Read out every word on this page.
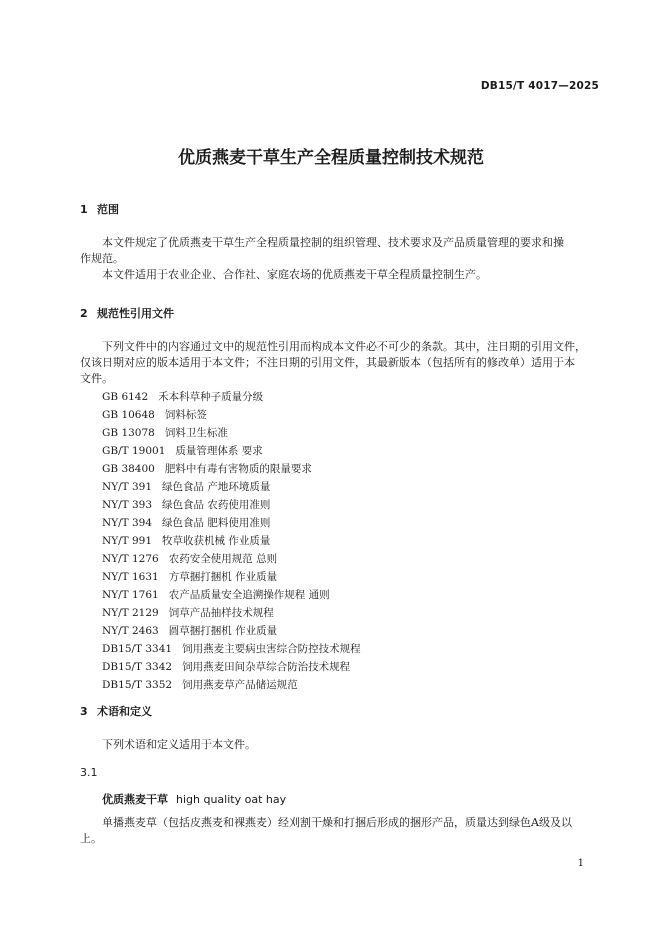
DB15/T 4017—2025
优质燕麦干草生产全程质量控制技术规范
1 范围
本文件规定了优质燕麦干草生产全程质量控制的组织管理、技术要求及产品质量管理的要求和操
作规范。
本文件适用于农业企业、合作社、家庭农场的优质燕麦干草全程质量控制生产。
2 规范性引用文件
下列文件中的内容通过文中的规范性引用而构成本文件必不可少的条款。其中，注日期的引用文件，
仅该日期对应的版本适用于本文件；不注日期的引用文件，其最新版本（包括所有的修改单）适用于本
文件。
GB 6142 禾本科草种子质量分级
GB 10648 饲料标签
GB 13078 饲料卫生标准
GB/T 19001 质量管理体系 要求
GB 38400 肥料中有毒有害物质的限量要求
NY/T 391 绿色食品 产地环境质量
NY/T 393 绿色食品 农药使用准则
NY/T 394 绿色食品 肥料使用准则
NY/T 991 牧草收获机械 作业质量
NY/T 1276 农药安全使用规范 总则
NY/T 1631 方草捆打捆机 作业质量
NY/T 1761 农产品质量安全追溯操作规程 通则
NY/T 2129 饲草产品抽样技术规程
NY/T 2463 圆草捆打捆机 作业质量
DB15/T 3341 饲用燕麦主要病虫害综合防控技术规程
DB15/T 3342 饲用燕麦田间杂草综合防治技术规程
DB15/T 3352 饲用燕麦草产品储运规范
3 术语和定义
下列术语和定义适用于本文件。
3.1
优质燕麦干草 high quality oat hay
单播燕麦草（包括皮燕麦和裸燕麦）经刈割干燥和打捆后形成的捆形产品，质量达到绿色A级及以
上。
1
